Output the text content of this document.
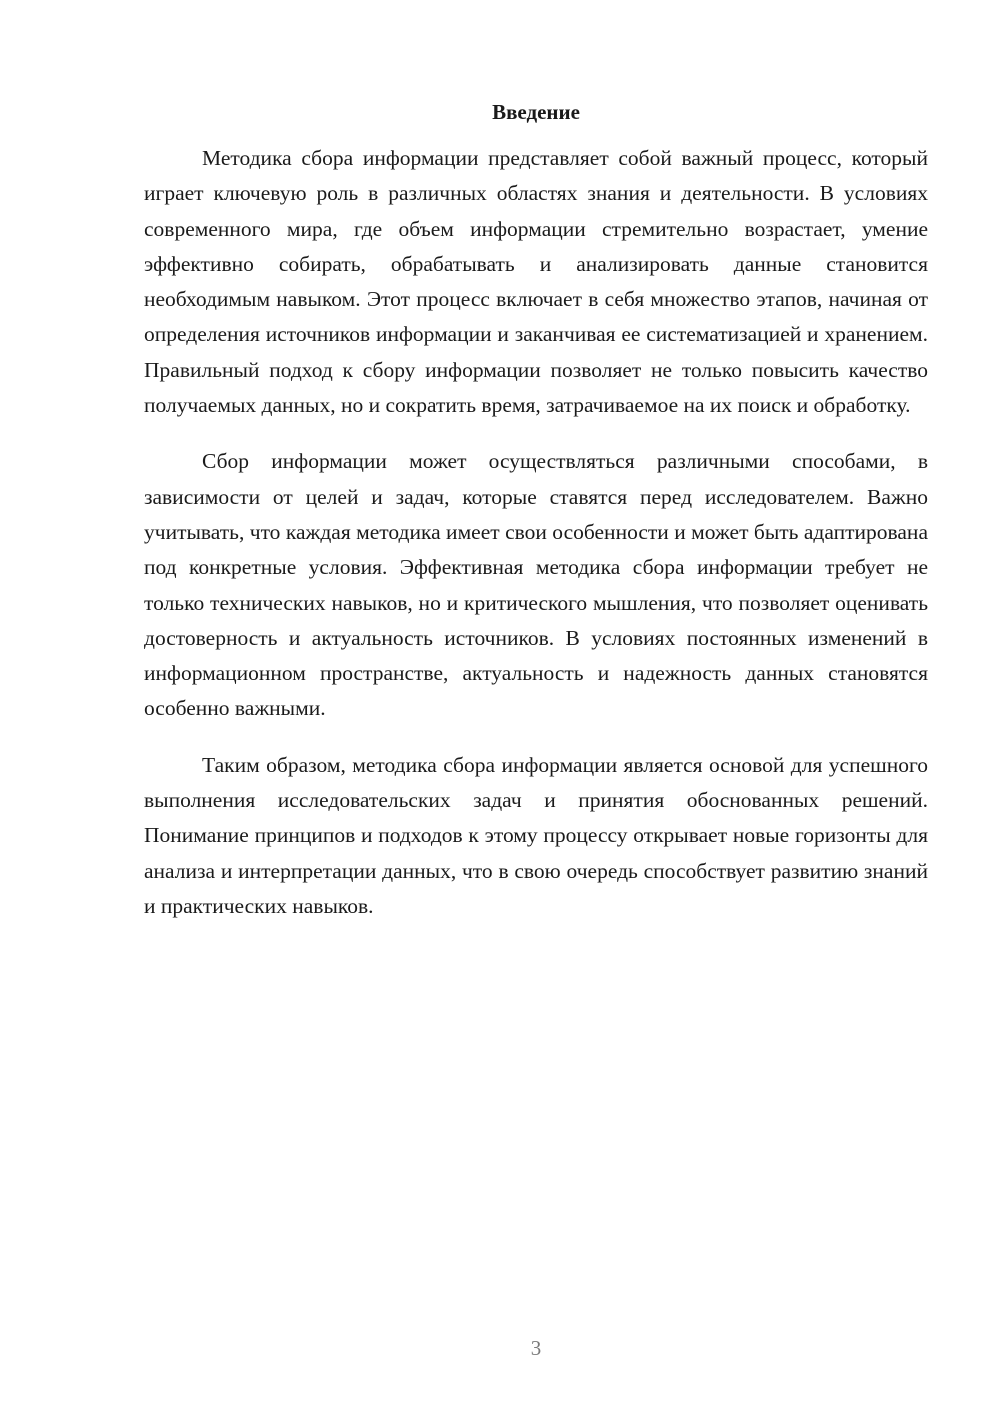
Введение

Методика сбора информации представляет собой важный процесс, который играет ключевую роль в различных областях знания и деятельности. В условиях современного мира, где объем информации стремительно возрастает, умение эффективно собирать, обрабатывать и анализировать данные становится необходимым навыком. Этот процесс включает в себя множество этапов, начиная от определения источников информации и заканчивая ее систематизацией и хранением. Правильный подход к сбору информации позволяет не только повысить качество получаемых данных, но и сократить время, затрачиваемое на их поиск и обработку.

Сбор информации может осуществляться различными способами, в зависимости от целей и задач, которые ставятся перед исследователем. Важно учитывать, что каждая методика имеет свои особенности и может быть адаптирована под конкретные условия. Эффективная методика сбора информации требует не только технических навыков, но и критического мышления, что позволяет оценивать достоверность и актуальность источников. В условиях постоянных изменений в информационном пространстве, актуальность и надежность данных становятся особенно важными.

Таким образом, методика сбора информации является основой для успешного выполнения исследовательских задач и принятия обоснованных решений. Понимание принципов и подходов к этому процессу открывает новые горизонты для анализа и интерпретации данных, что в свою очередь способствует развитию знаний и практических навыков.

3
